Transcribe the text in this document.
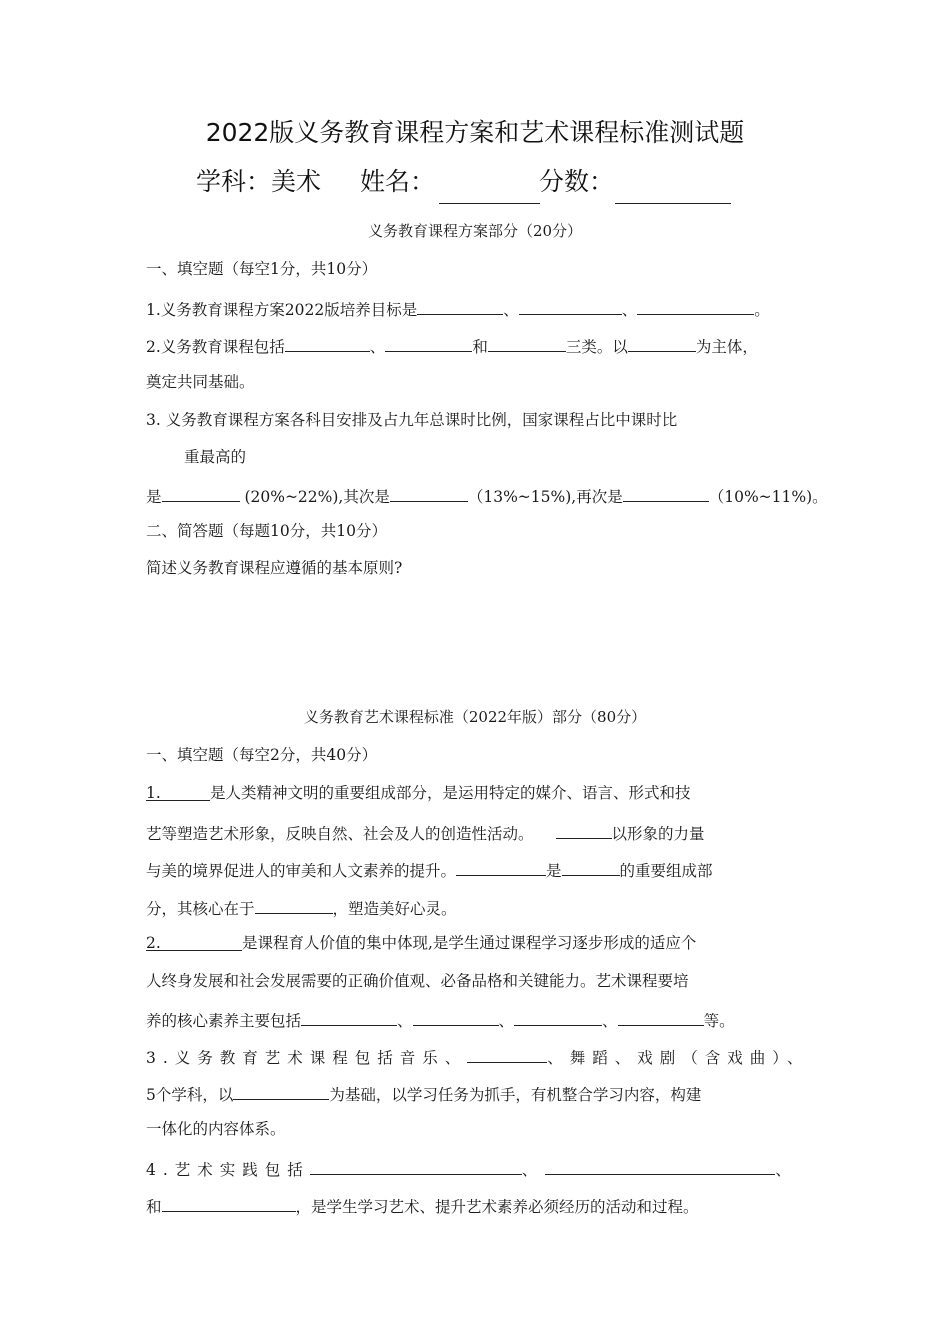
2022版义务教育课程方案和艺术课程标准测试题
学科：美术 姓名：	分数：
义务教育课程方案部分（20分）
一、填空题（每空1分，共10分）
1.义务教育课程方案2022版培养目标是	、	、	。
2.义务教育课程包括	、	和	三类。以	为主体，
奠定共同基础。
3. 义务教育课程方案各科目安排及占九年总课时比例，国家课程占比中课时比
重最高的
是	(20%~22%),其次是	（13%~15%),再次是	（10%~11%)。
二、简答题（每题10分，共10分）
简述义务教育课程应遵循的基本原则?
义务教育艺术课程标准（2022年版）部分（80分）
一、填空题（每空2分，共40分）
1.	是人类精神文明的重要组成部分，是运用特定的媒介、语言、形式和技
艺等塑造艺术形象，反映自然、社会及人的创造性活动。	以形象的力量
与美的境界促进人的审美和人文素养的提升。	是	的重要组成部
分，其核心在于	，塑造美好心灵。
2.	是课程育人价值的集中体现,是学生通过课程学习逐步形成的适应个
人终身发展和社会发展需要的正确价值观、必备品格和关键能力。艺术课程要培
养的核心素养主要包括	、	、	、	等。
3.义务教育艺术课程包括音乐、	、舞蹈、戏剧（含戏曲）、
5个学科，以	为基础，以学习任务为抓手，有机整合学习内容，构建
一体化的内容体系。
4.艺术实践包括	、	、
和	，是学生学习艺术、提升艺术素养必须经历的活动和过程。
